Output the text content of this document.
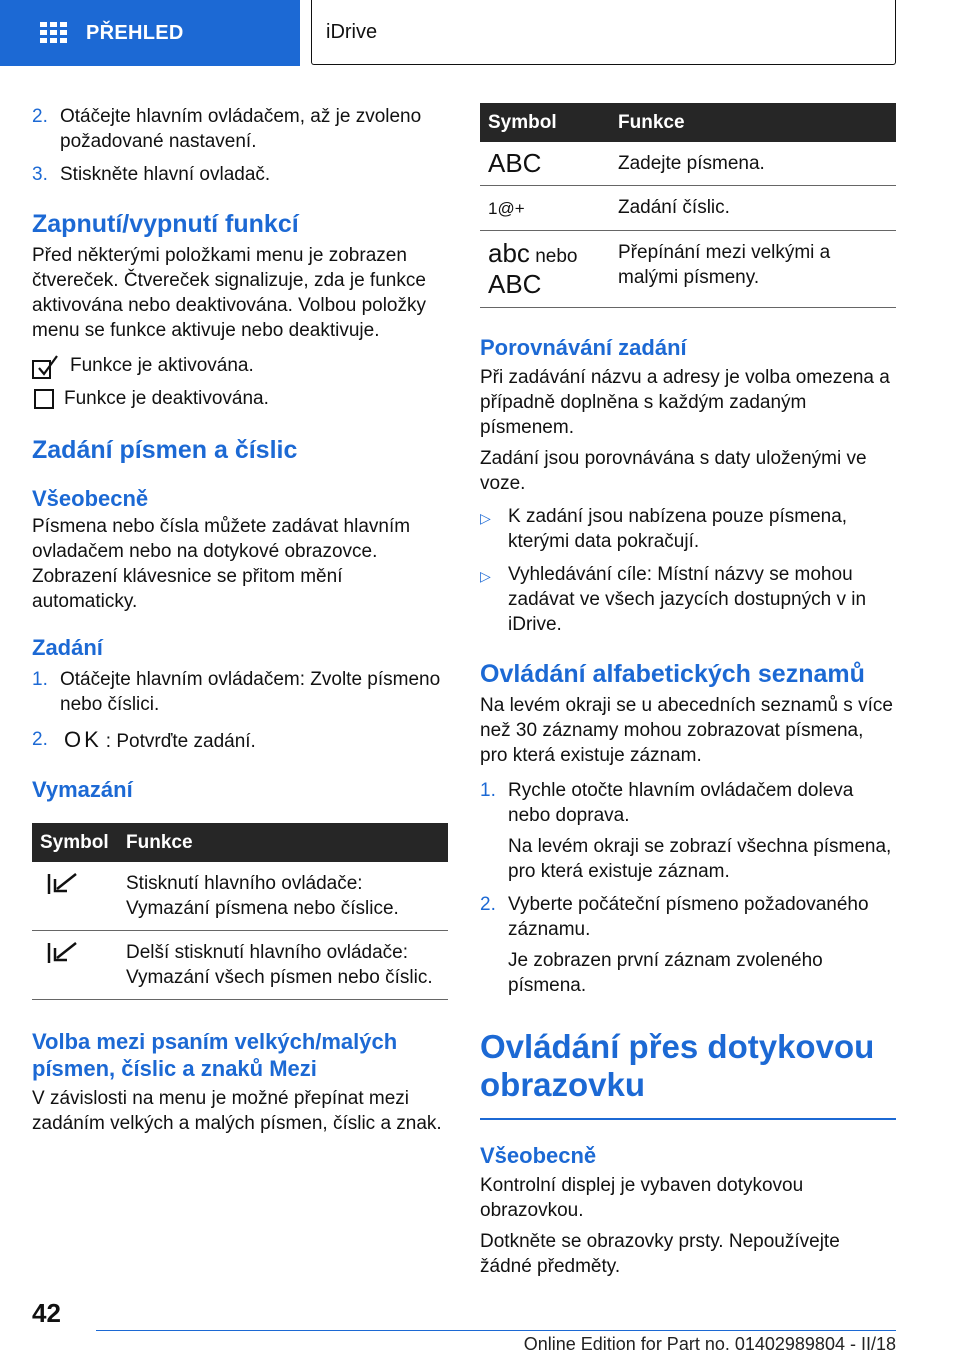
PŘEHLED	iDrive
2. Otáčejte hlavním ovládačem, až je zvoleno požadované nastavení.
3. Stiskněte hlavní ovladač.
Zapnutí/vypnutí funkcí

Před některými položkami menu je zobrazen čtvereček. Čtvereček signalizuje, zda je funkce aktivována nebo deaktivována. Volbou položky menu se funkce aktivuje nebo deaktivuje.

Funkce je aktivována.
Funkce je deaktivována.
Zadání písmen a číslic
Všeobecně

Písmena nebo čísla můžete zadávat hlavním ovladačem nebo na dotykové obrazovce. Zobrazení klávesnice se přitom mění automaticky.

Zadání
1. Otáčejte hlavním ovládačem: Zvolte písmeno nebo číslici.
2. OK : Potvrďte zadání.
Vymazání
Symbol	Funkce
	Stisknutí hlavního ovládače: Vymazání písmena nebo číslice.
	Delší stisknutí hlavního ovládače: Vymazání všech písmen nebo číslic.
Volba mezi psaním velkých/malých písmen, číslic a znaků Mezi

V závislosti na menu je možné přepínat mezi zadáním velkých a malých písmen, číslic a znak.

Symbol	Funkce
ABC	Zadejte písmena.
1@+	Zadání číslic.

abc nebo
ABC	Přepínání mezi velkými a malými písmeny.
Porovnávání zadání

Při zadávání názvu a adresy je volba omezena a případně doplněna s každým zadaným písmenem.

Zadání jsou porovnávána s daty uloženými ve voze.

▷ K zadání jsou nabízena pouze písmena, kterými data pokračují.
▷ Vyhledávání cíle: Místní názvy se mohou zadávat ve všech jazycích dostupných v in iDrive.
Ovládání alfabetických seznamů

Na levém okraji se u abecedních seznamů s více než 30 záznamy mohou zobrazovat písmena, pro která existuje záznam.

1. Rychle otočte hlavním ovládačem doleva nebo doprava.
Na levém okraji se zobrazí všechna písmena, pro která existuje záznam.
2. Vyberte počáteční písmeno požadovaného záznamu.
Je zobrazen první záznam zvoleného písmena.
Ovládání přes dotykovou obrazovku
Všeobecně

Kontrolní displej je vybaven dotykovou obrazovkou.

Dotkněte se obrazovky prsty. Nepoužívejte žádné předměty.

42
Online Edition for Part no. 01402989804 - II/18
